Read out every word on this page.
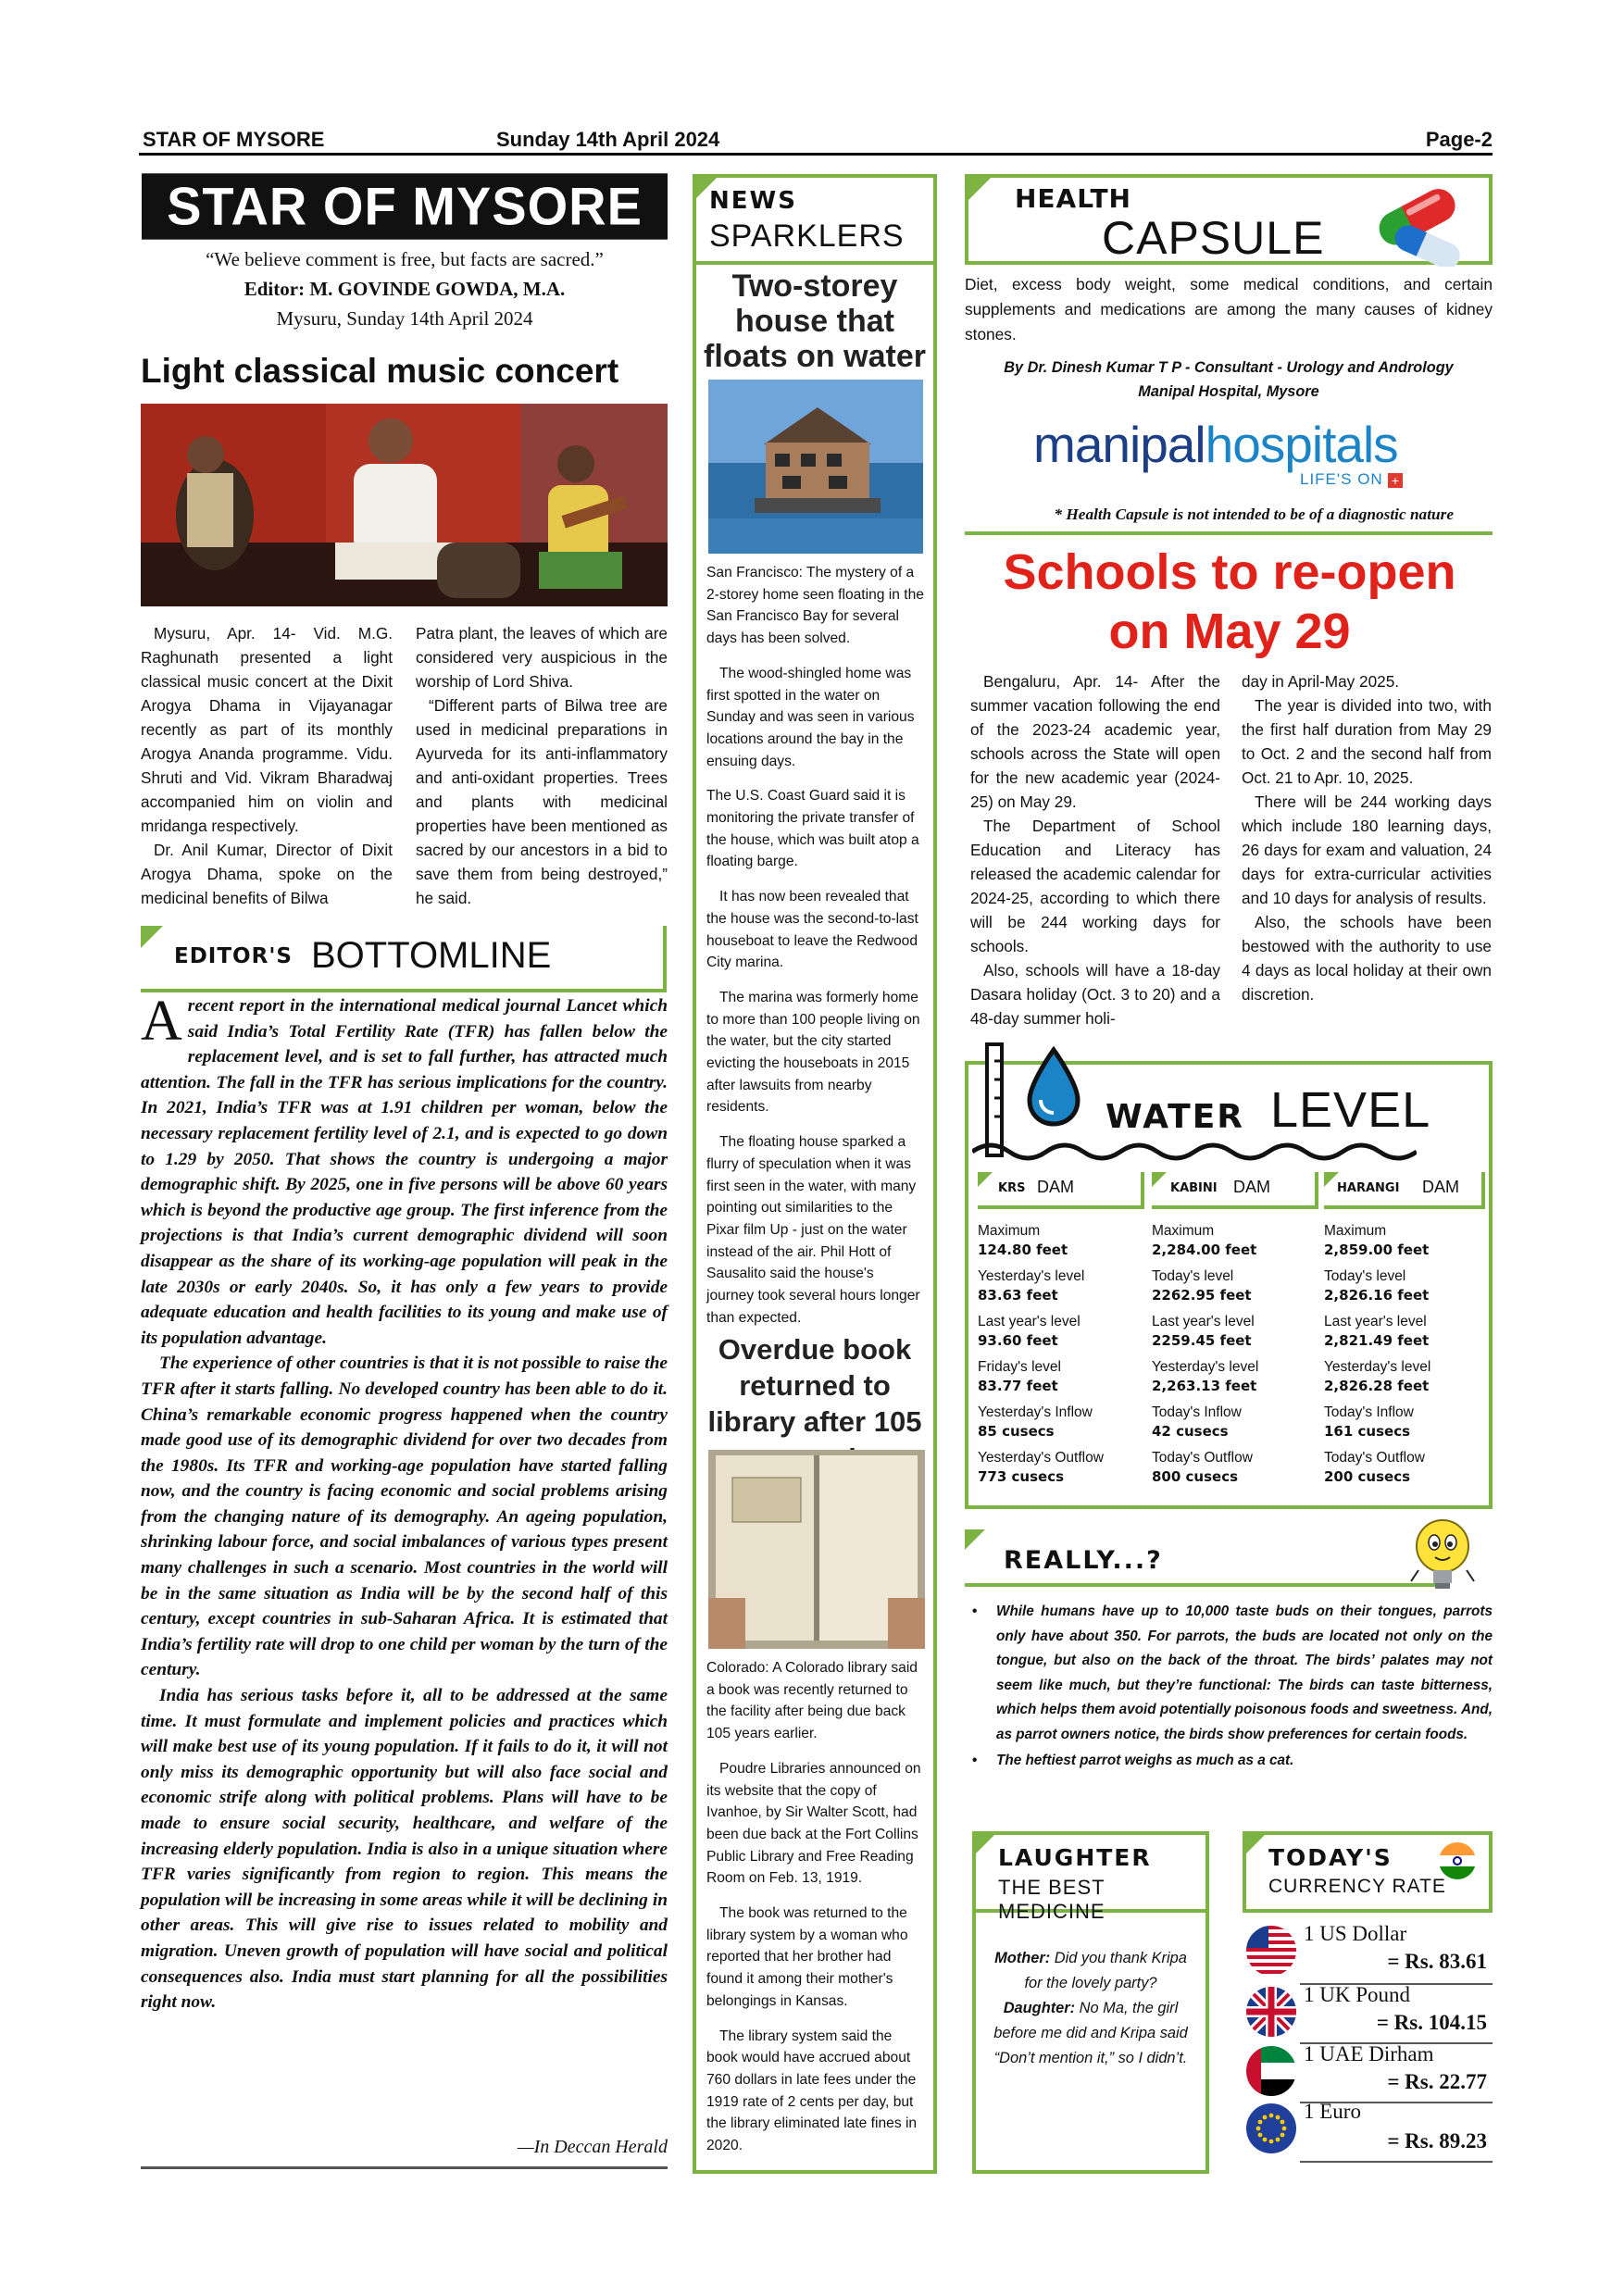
STAR OF MYSORE	Sunday 14th April 2024	Page-2
STAR OF MYSORE
“We believe comment is free, but facts are sacred.”
Editor: M. GOVINDE GOWDA, M.A.
Mysuru, Sunday 14th April 2024
Light classical music concert

Mysuru, Apr. 14- Vid. M.G. Raghunath presented a light classical music concert at the Dixit Arogya Dhama in Vijayanagar recently as part of its monthly Arogya Ananda programme. Vidu. Shruti and Vid. Vikram Bharadwaj accompanied him on violin and mridanga respectively.

Dr. Anil Kumar, Director of Dixit Arogya Dhama, spoke on the medicinal benefits of Bilwa

Patra plant, the leaves of which are considered very auspicious in the worship of Lord Shiva.

“Different parts of Bilwa tree are used in medicinal preparations in Ayurveda for its anti-inflammatory and anti-oxidant properties. Trees and plants with medicinal properties have been mentioned as sacred by our ancestors in a bid to save them from being destroyed,” he said.

EDITOR'S BOTTOMLINE

Arecent report in the international medical journal Lancet which said India’s Total Fertility Rate (TFR) has fallen below the replacement level, and is set to fall further, has attracted much attention. The fall in the TFR has serious implications for the country. In 2021, India’s TFR was at 1.91 children per woman, below the necessary replacement fertility level of 2.1, and is expected to go down to 1.29 by 2050. That shows the country is undergoing a major demographic shift. By 2025, one in five persons will be above 60 years which is beyond the productive age group. The first inference from the projections is that India’s current demographic dividend will soon disappear as the share of its working-age population will peak in the late 2030s or early 2040s. So, it has only a few years to provide adequate education and health facilities to its young and make use of its population advantage.

The experience of other countries is that it is not possible to raise the TFR after it starts falling. No developed country has been able to do it. China’s remarkable economic progress happened when the country made good use of its demographic dividend for over two decades from the 1980s. Its TFR and working-age population have started falling now, and the country is facing economic and social problems arising from the changing nature of its demography. An ageing population, shrinking labour force, and social imbalances of various types present many challenges in such a scenario. Most countries in the world will be in the same situation as India will be by the second half of this century, except countries in sub-Saharan Africa. It is estimated that India’s fertility rate will drop to one child per woman by the turn of the century.

India has serious tasks before it, all to be addressed at the same time. It must formulate and implement policies and practices which will make best use of its young population. If it fails to do it, it will not only miss its demographic opportunity but will also face social and economic strife along with political problems. Plans will have to be made to ensure social security, healthcare, and welfare of the increasing elderly population. India is also in a unique situation where TFR varies significantly from region to region. This means the population will be increasing in some areas while it will be declining in other areas. This will give rise to issues related to mobility and migration. Uneven growth of population will have social and political consequences also. India must start planning for all the possibilities right now.

—In Deccan Herald
NEWS
SPARKLERS
Two-storey house that floats on water

San Francisco: The mystery of a 2-storey home seen floating in the San Francisco Bay for several days has been solved.

The wood-shingled home was first spotted in the water on Sunday and was seen in various locations around the bay in the ensuing days.

The U.S. Coast Guard said it is monitoring the private transfer of the house, which was built atop a floating barge.

It has now been revealed that the house was the second-to-last houseboat to leave the Redwood City marina.

The marina was formerly home to more than 100 people living on the water, but the city started evicting the houseboats in 2015 after lawsuits from nearby residents.

The floating house sparked a flurry of speculation when it was first seen in the water, with many pointing out similarities to the Pixar film Up - just on the water instead of the air. Phil Hott of Sausalito said the house's journey took several hours longer than expected.

Overdue book returned to library after 105

Colorado: A Colorado library said a book was recently returned to the facility after being due back 105 years earlier.

Poudre Libraries announced on its website that the copy of Ivanhoe, by Sir Walter Scott, had been due back at the Fort Collins Public Library and Free Reading Room on Feb. 13, 1919.

The book was returned to the library system by a woman who reported that her brother had found it among their mother's belongings in Kansas.

The library system said the book would have accrued about 760 dollars in late fees under the 1919 rate of 2 cents per day, but the library eliminated late fines in 2020.

HEALTH
CAPSULE

Diet, excess body weight, some medical conditions, and certain supplements and medications are among the many causes of kidney stones.

By Dr. Dinesh Kumar T P - Consultant - Urology and Andrology
Manipal Hospital, Mysore
manipalhospitals
LIFE'S ON +
* Health Capsule is not intended to be of a diagnostic nature
Schools to re-open
on May 29

Bengaluru, Apr. 14- After the summer vacation following the end of the 2023-24 academic year, schools across the State will open for the new academic year (2024-25) on May 29.

The Department of School Education and Literacy has released the academic calendar for 2024-25, according to which there will be 244 working days for schools.

Also, schools will have a 18-day Dasara holiday (Oct. 3 to 20) and a 48-day summer holi-

day in April-May 2025.

The year is divided into two, with the first half duration from May 29 to Oct. 2 and the second half from Oct. 21 to Apr. 10, 2025.

There will be 244 working days which include 180 learning days, 26 days for exam and valuation, 24 days for extra-curricular activities and 10 days for analysis of results.

Also, the schools have been bestowed with the authority to use 4 days as local holiday at their own discretion.

WATER LEVEL
KRS DAM
Maximum
124.80 feet
Yesterday's level
83.63 feet
Last year's level
93.60 feet
Friday's level
83.77 feet
Yesterday's Inflow
85 cusecs
Yesterday's Outflow
773 cusecs
KABINI DAM
Maximum
2,284.00 feet
Today's level
2262.95 feet
Last year's level
2259.45 feet
Yesterday's level
2,263.13 feet
Today's Inflow
42 cusecs
Today's Outflow
800 cusecs
HARANGI DAM
Maximum
2,859.00 feet
Today's level
2,826.16 feet
Last year's level
2,821.49 feet
Yesterday's level
2,826.28 feet
Today's Inflow
161 cusecs
Today's Outflow
200 cusecs
REALLY...?
• While humans have up to 10,000 taste buds on their tongues, parrots only have about 350. For parrots, the buds are located not only on the tongue, but also on the back of the throat. The birds’ palates may not seem like much, but they’re functional: The birds can taste bitterness, which helps them avoid potentially poisonous foods and sweetness. And, as parrot owners notice, the birds show preferences for certain foods.
• The heftiest parrot weighs as much as a cat.
LAUGHTER
THE BEST MEDICINE

Mother: Did you thank Kripa for the lovely party?

Daughter: No Ma, the girl before me did and Kripa said “Don’t mention it,” so I didn’t.

TODAY'S
CURRENCY RATE
1 US Dollar
= Rs. 83.61
1 UK Pound
= Rs. 104.15
1 UAE Dirham
= Rs. 22.77
1 Euro
= Rs. 89.23
